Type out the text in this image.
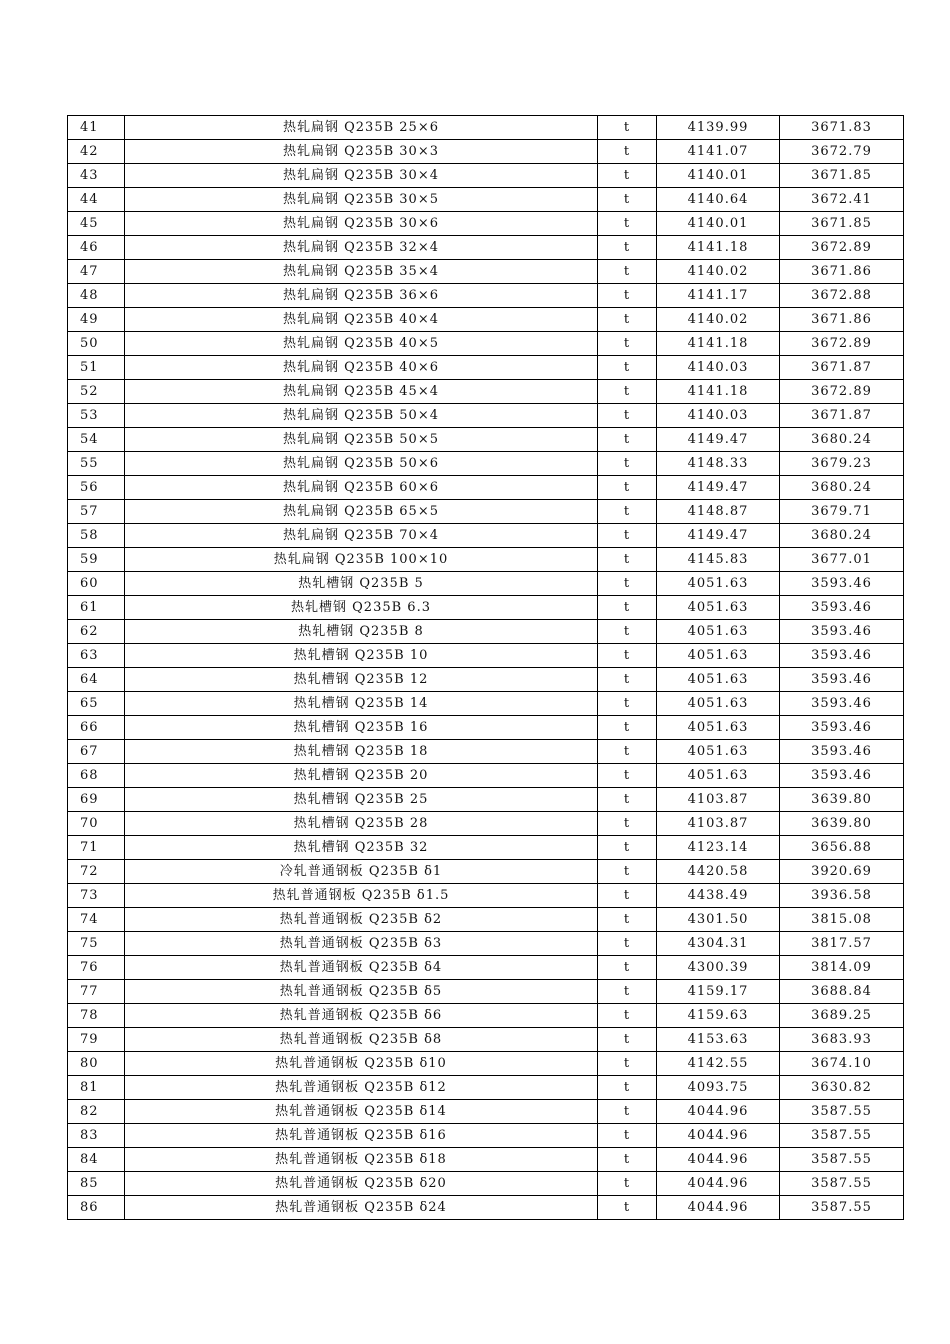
41	热轧扁钢 Q235B 25×6	t	4139.99	3671.83
42	热轧扁钢 Q235B 30×3	t	4141.07	3672.79
43	热轧扁钢 Q235B 30×4	t	4140.01	3671.85
44	热轧扁钢 Q235B 30×5	t	4140.64	3672.41
45	热轧扁钢 Q235B 30×6	t	4140.01	3671.85
46	热轧扁钢 Q235B 32×4	t	4141.18	3672.89
47	热轧扁钢 Q235B 35×4	t	4140.02	3671.86
48	热轧扁钢 Q235B 36×6	t	4141.17	3672.88
49	热轧扁钢 Q235B 40×4	t	4140.02	3671.86
50	热轧扁钢 Q235B 40×5	t	4141.18	3672.89
51	热轧扁钢 Q235B 40×6	t	4140.03	3671.87
52	热轧扁钢 Q235B 45×4	t	4141.18	3672.89
53	热轧扁钢 Q235B 50×4	t	4140.03	3671.87
54	热轧扁钢 Q235B 50×5	t	4149.47	3680.24
55	热轧扁钢 Q235B 50×6	t	4148.33	3679.23
56	热轧扁钢 Q235B 60×6	t	4149.47	3680.24
57	热轧扁钢 Q235B 65×5	t	4148.87	3679.71
58	热轧扁钢 Q235B 70×4	t	4149.47	3680.24
59	热轧扁钢 Q235B 100×10	t	4145.83	3677.01
60	热轧槽钢 Q235B 5	t	4051.63	3593.46
61	热轧槽钢 Q235B 6.3	t	4051.63	3593.46
62	热轧槽钢 Q235B 8	t	4051.63	3593.46
63	热轧槽钢 Q235B 10	t	4051.63	3593.46
64	热轧槽钢 Q235B 12	t	4051.63	3593.46
65	热轧槽钢 Q235B 14	t	4051.63	3593.46
66	热轧槽钢 Q235B 16	t	4051.63	3593.46
67	热轧槽钢 Q235B 18	t	4051.63	3593.46
68	热轧槽钢 Q235B 20	t	4051.63	3593.46
69	热轧槽钢 Q235B 25	t	4103.87	3639.80
70	热轧槽钢 Q235B 28	t	4103.87	3639.80
71	热轧槽钢 Q235B 32	t	4123.14	3656.88
72	冷轧普通钢板 Q235B δ1	t	4420.58	3920.69
73	热轧普通钢板 Q235B δ1.5	t	4438.49	3936.58
74	热轧普通钢板 Q235B δ2	t	4301.50	3815.08
75	热轧普通钢板 Q235B δ3	t	4304.31	3817.57
76	热轧普通钢板 Q235B δ4	t	4300.39	3814.09
77	热轧普通钢板 Q235B δ5	t	4159.17	3688.84
78	热轧普通钢板 Q235B δ6	t	4159.63	3689.25
79	热轧普通钢板 Q235B δ8	t	4153.63	3683.93
80	热轧普通钢板 Q235B δ10	t	4142.55	3674.10
81	热轧普通钢板 Q235B δ12	t	4093.75	3630.82
82	热轧普通钢板 Q235B δ14	t	4044.96	3587.55
83	热轧普通钢板 Q235B δ16	t	4044.96	3587.55
84	热轧普通钢板 Q235B δ18	t	4044.96	3587.55
85	热轧普通钢板 Q235B δ20	t	4044.96	3587.55
86	热轧普通钢板 Q235B δ24	t	4044.96	3587.55
